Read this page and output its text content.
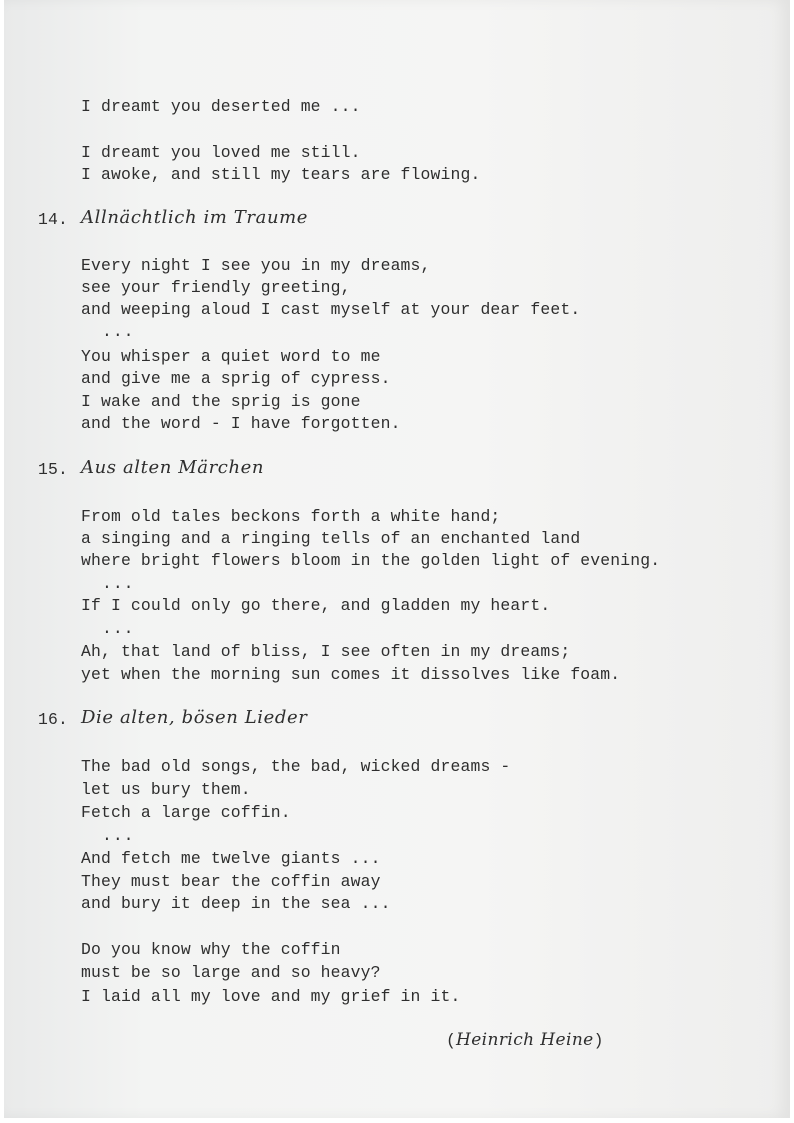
I dreamt you deserted me ...
I dreamt you loved me still.
I awoke, and still my tears are flowing.
14. Allnächtlich im Traume
Every night I see you in my dreams,
see your friendly greeting,
and weeping aloud I cast myself at your dear feet.
...
You whisper a quiet word to me
and give me a sprig of cypress.
I wake and the sprig is gone
and the word - I have forgotten.
15. Aus alten Märchen
From old tales beckons forth a white hand;
a singing and a ringing tells of an enchanted land
where bright flowers bloom in the golden light of evening.
...
If I could only go there, and gladden my heart.
...
Ah, that land of bliss, I see often in my dreams;
yet when the morning sun comes it dissolves like foam.
16. Die alten, bösen Lieder
The bad old songs, the bad, wicked dreams -
let us bury them.
Fetch a large coffin.
...
And fetch me twelve giants ...
They must bear the coffin away
and bury it deep in the sea ...
Do you know why the coffin
must be so large and so heavy?
I laid all my love and my grief in it.
(Heinrich Heine)
